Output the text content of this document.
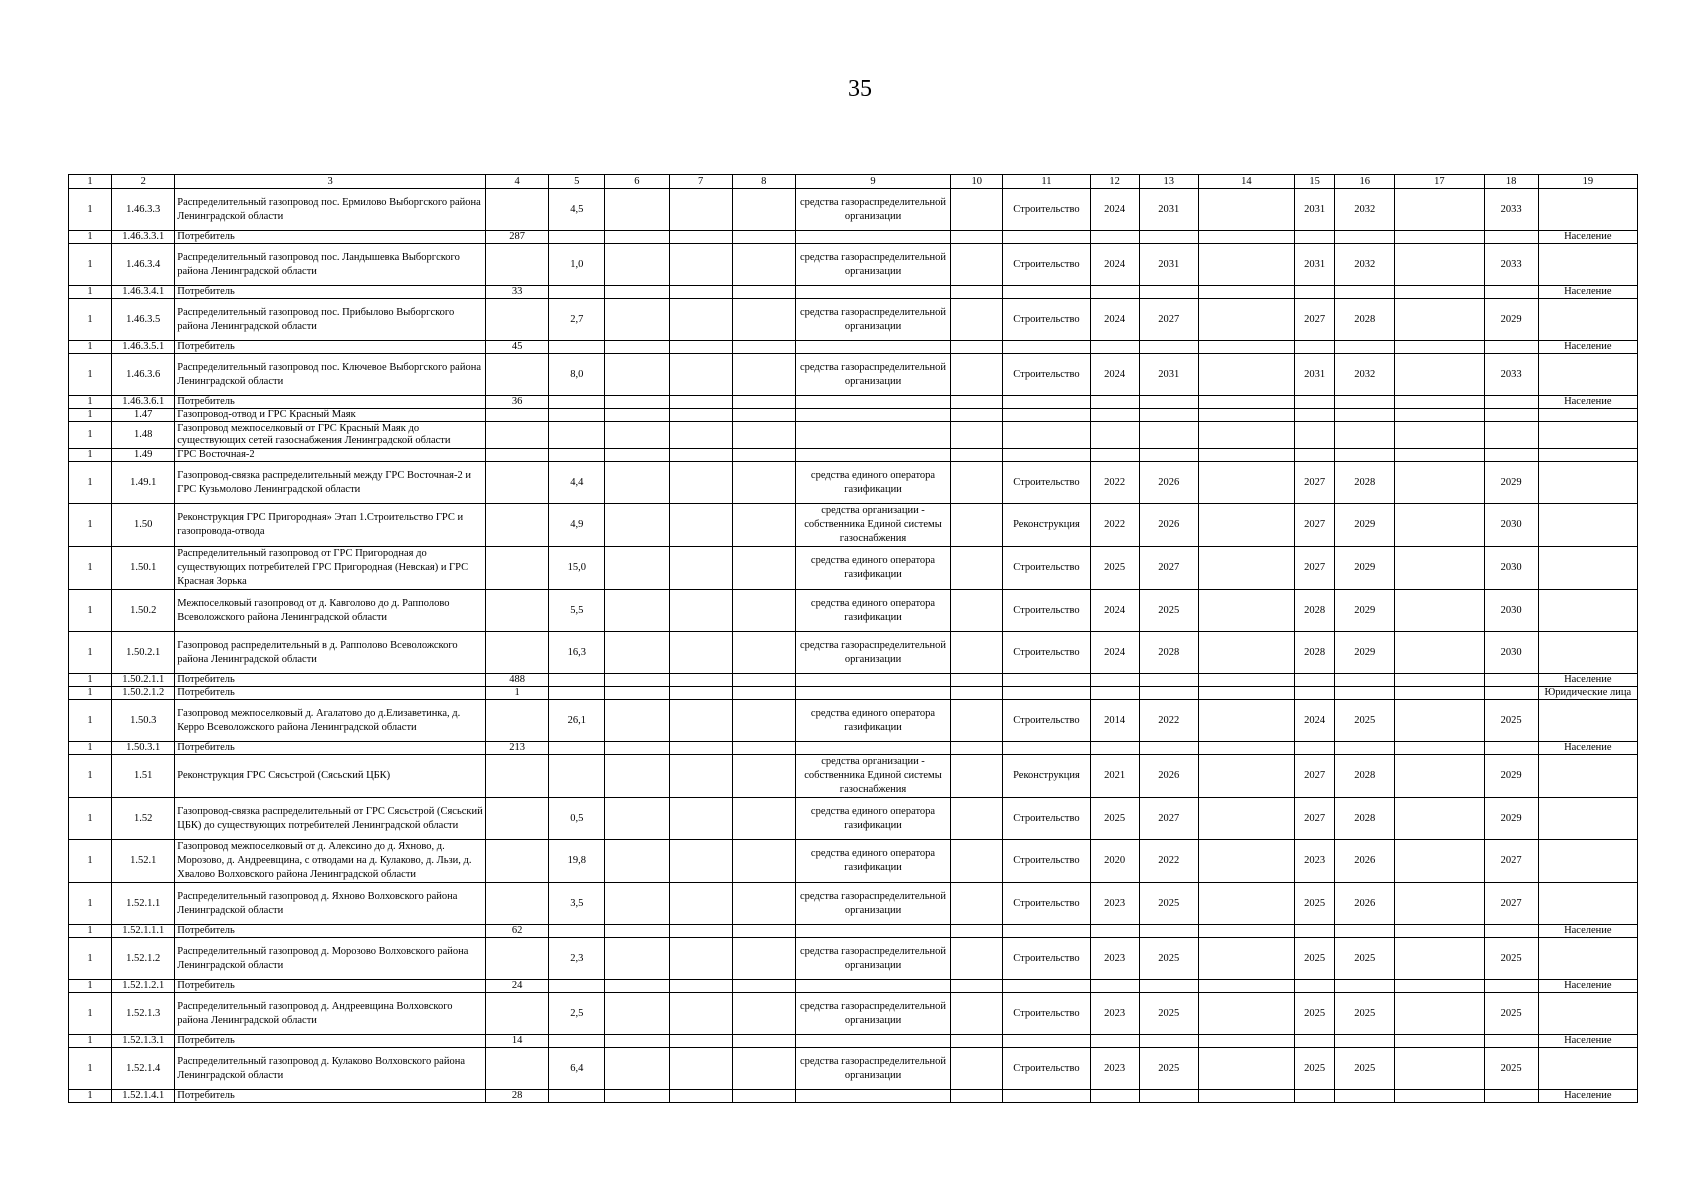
35
1	2	3	4	5	6	7	8	9	10	11	12	13	14	15	16	17	18	19
1	1.46.3.3	Распределительный газопровод пос. Ермилово Выборгского района Ленинградской области		4,5				средства газораспределительной организации		Строительство	2024	2031		2031	2032		2033	
1	1.46.3.3.1	Потребитель	287															Население
1	1.46.3.4	Распределительный газопровод пос. Ландышевка Выборгского района Ленинградской области		1,0				средства газораспределительной организации		Строительство	2024	2031		2031	2032		2033	
1	1.46.3.4.1	Потребитель	33															Население
1	1.46.3.5	Распределительный газопровод пос. Прибылово Выборгского района Ленинградской области		2,7				средства газораспределительной организации		Строительство	2024	2027		2027	2028		2029	
1	1.46.3.5.1	Потребитель	45															Население
1	1.46.3.6	Распределительный газопровод пос. Ключевое Выборгского района Ленинградской области		8,0				средства газораспределительной организации		Строительство	2024	2031		2031	2032		2033	
1	1.46.3.6.1	Потребитель	36															Население
1	1.47	Газопровод-отвод и ГРС Красный Маяк																
1	1.48	Газопровод межпоселковый от ГРС Красный Маяк до существующих сетей газоснабжения Ленинградской области																
1	1.49	ГРС Восточная-2																
1	1.49.1	Газопровод-связка распределительный между ГРС Восточная-2 и ГРС Кузьмолово Ленинградской области		4,4				средства единого оператора газификации		Строительство	2022	2026		2027	2028		2029	
1	1.50	Реконструкция ГРС Пригородная» Этап 1.Строительство ГРС и газопровода-отвода		4,9				средства организации - собственника Единой системы газоснабжения		Реконструкция	2022	2026		2027	2029		2030	
1	1.50.1	Распределительный газопровод от ГРС Пригородная до существующих потребителей ГРС Пригородная (Невская) и ГРС Красная Зорька		15,0				средства единого оператора газификации		Строительство	2025	2027		2027	2029		2030	
1	1.50.2	Межпоселковый газопровод от д. Кавголово до д. Рапполово Всеволожского района Ленинградской области		5,5				средства единого оператора газификации		Строительство	2024	2025		2028	2029		2030	
1	1.50.2.1	Газопровод распределительный в д. Рапполово Всеволожского района Ленинградской области		16,3				средства газораспределительной организации		Строительство	2024	2028		2028	2029		2030	
1	1.50.2.1.1	Потребитель	488															Население
1	1.50.2.1.2	Потребитель	1															Юридические лица
1	1.50.3	Газопровод межпоселковый д. Агалатово до д.Елизаветинка, д. Керро Всеволожского района Ленинградской области		26,1				средства единого оператора газификации		Строительство	2014	2022		2024	2025		2025	
1	1.50.3.1	Потребитель	213															Население
1	1.51	Реконструкция ГРС Сясьстрой (Сясьский ЦБК)						средства организации - собственника Единой системы газоснабжения		Реконструкция	2021	2026		2027	2028		2029	
1	1.52	Газопровод-связка распределительный от ГРС Сясьстрой (Сясьский ЦБК) до существующих потребителей Ленинградской области		0,5				средства единого оператора газификации		Строительство	2025	2027		2027	2028		2029	
1	1.52.1	Газопровод межпоселковый от д. Алексино до д. Яхново, д. Морозово, д. Андреевщина, с отводами на д. Кулаково, д. Льзи, д. Хвалово Волховского района Ленинградской области		19,8				средства единого оператора газификации		Строительство	2020	2022		2023	2026		2027	
1	1.52.1.1	Распределительный газопровод д. Яхново Волховского района Ленинградской области		3,5				средства газораспределительной организации		Строительство	2023	2025		2025	2026		2027	
1	1.52.1.1.1	Потребитель	62															Население
1	1.52.1.2	Распределительный газопровод д. Морозово Волховского района Ленинградской области		2,3				средства газораспределительной организации		Строительство	2023	2025		2025	2025		2025	
1	1.52.1.2.1	Потребитель	24															Население
1	1.52.1.3	Распределительный газопровод д. Андреевщина Волховского района Ленинградской области		2,5				средства газораспределительной организации		Строительство	2023	2025		2025	2025		2025	
1	1.52.1.3.1	Потребитель	14															Население
1	1.52.1.4	Распределительный газопровод д. Кулаково Волховского района Ленинградской области		6,4				средства газораспределительной организации		Строительство	2023	2025		2025	2025		2025	
1	1.52.1.4.1	Потребитель	28															Население
